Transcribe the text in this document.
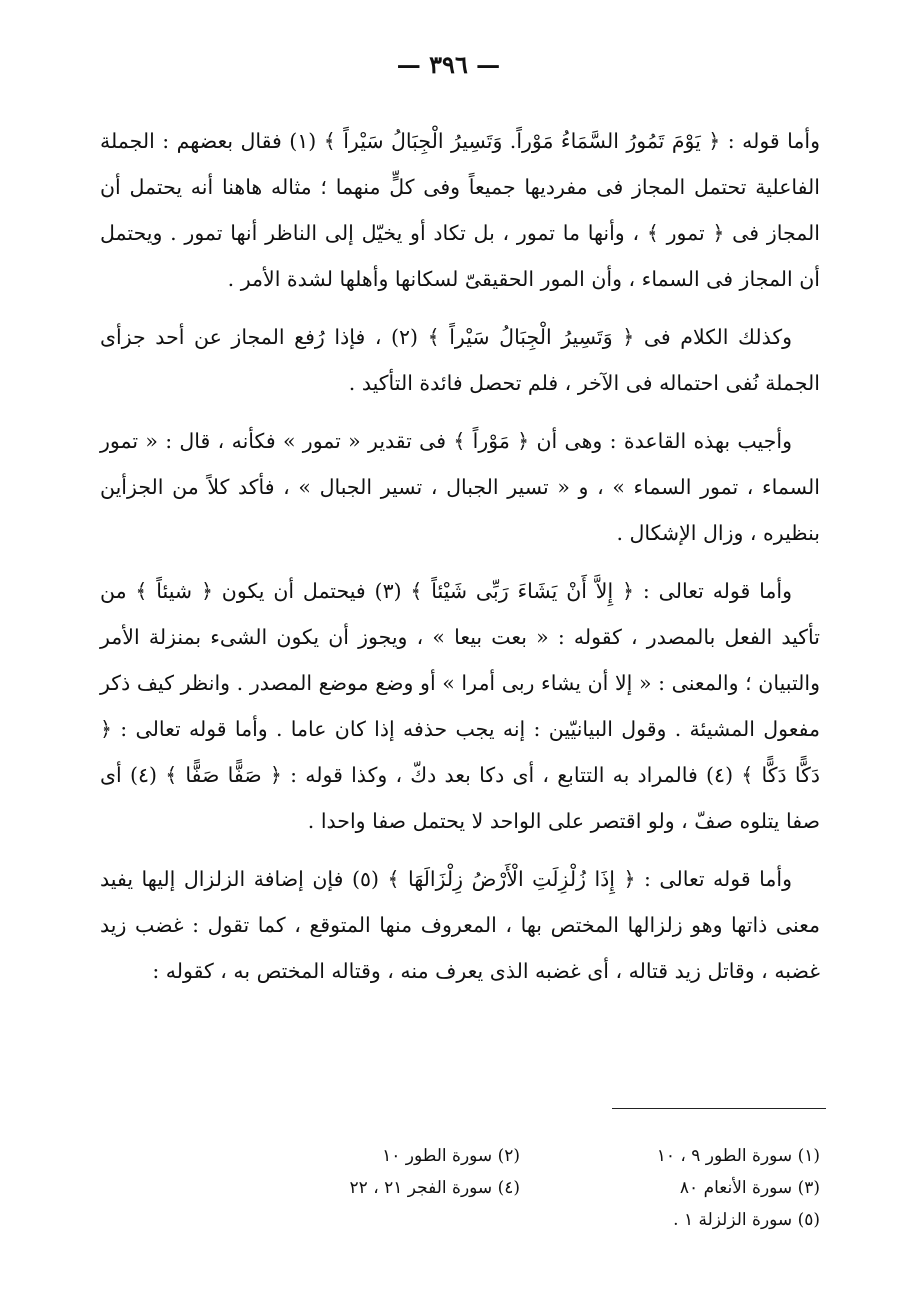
— ٣٩٦ —

وأما قوله : ﴿ يَوْمَ تَمُورُ السَّمَاءُ مَوْراً. وَتَسِيرُ الْجِبَالُ سَيْراً ﴾ (١) فقال بعضهم : الجملة الفاعلية تحتمل المجاز فى مفرديها جميعاً وفى كلٍّ منهما ؛ مثاله هاهنا أنه يحتمل أن المجاز فى ﴿ تمور ﴾ ، وأنها ما تمور ، بل تكاد أو يخيّل إلى الناظر أنها تمور . ويحتمل أن المجاز فى السماء ، وأن المور الحقيقىّ لسكانها وأهلها لشدة الأمر .

وكذلك الكلام فى ﴿ وَتَسِيرُ الْجِبَالُ سَيْراً ﴾ (٢) ، فإذا رُفع المجاز عن أحد جزأى الجملة نُفى احتماله فى الآخر ، فلم تحصل فائدة التأكيد .

وأجيب بهذه القاعدة : وهى أن ﴿ مَوْراً ﴾ فى تقدير « تمور » فكأنه ، قال : « تمور السماء ، تمور السماء » ، و « تسير الجبال ، تسير الجبال » ، فأكد كلاً من الجزأين بنظيره ، وزال الإشكال .

وأما قوله تعالى : ﴿ إِلاَّ أَنْ يَشَاءَ رَبِّى شَيْئاً ﴾ (٣) فيحتمل أن يكون ﴿ شيئاً ﴾ من تأكيد الفعل بالمصدر ، كقوله : « بعت بيعا » ، ويجوز أن يكون الشىء بمنزلة الأمر والتبيان ؛ والمعنى : « إلا أن يشاء ربى أمرا » أو وضع موضع المصدر . وانظر كيف ذكر مفعول المشيئة . وقول البيانيّين : إنه يجب حذفه إذا كان عاما . وأما قوله تعالى : ﴿ دَكًّا دَكًّا ﴾ (٤) فالمراد به التتابع ، أى دكا بعد دكّ ، وكذا قوله : ﴿ صَفًّا صَفًّا ﴾ (٤) أى صفا يتلوه صفّ ، ولو اقتصر على الواحد لا يحتمل صفا واحدا .

وأما قوله تعالى : ﴿ إِذَا زُلْزِلَتِ الْأَرْضُ زِلْزَالَهَا ﴾ (٥) فإن إضافة الزلزال إليها يفيد معنى ذاتها وهو زلزالها المختص بها ، المعروف منها المتوقع ، كما تقول : غضب زيد غضبه ، وقاتل زيد قتاله ، أى غضبه الذى يعرف منه ، وقتاله المختص به ، كقوله :

(١) سورة الطور ٩ ، ١٠
(٢) سورة الطور ١٠
(٣) سورة الأنعام ٨٠
(٤) سورة الفجر ٢١ ، ٢٢
(٥) سورة الزلزلة ١ .
